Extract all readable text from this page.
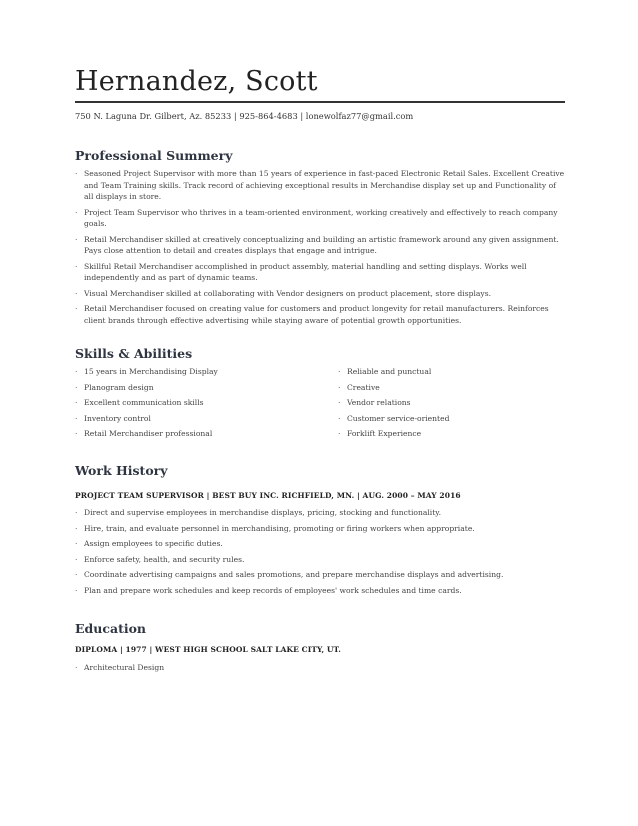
Hernandez, Scott
750 N. Laguna Dr. Gilbert, Az. 85233 | 925-864-4683 | lonewolfaz77@gmail.com
Professional Summery
· Seasoned Project Supervisor with more than 15 years of experience in fast-paced Electronic Retail Sales. Excellent Creative and Team Training skills. Track record of achieving exceptional results in Merchandise display set up and Functionality of all displays in store.
· Project Team Supervisor who thrives in a team-oriented environment, working creatively and effectively to reach company goals.
· Retail Merchandiser skilled at creatively conceptualizing and building an artistic framework around any given assignment. Pays close attention to detail and creates displays that engage and intrigue.
· Skillful Retail Merchandiser accomplished in product assembly, material handling and setting displays. Works well independently and as part of dynamic teams.
· Visual Merchandiser skilled at collaborating with Vendor designers on product placement, store displays.
· Retail Merchandiser focused on creating value for customers and product longevity for retail manufacturers. Reinforces client brands through effective advertising while staying aware of potential growth opportunities.
Skills & Abilities
· 15 years in Merchandising Display
· Planogram design
· Excellent communication skills
· Inventory control
· Retail Merchandiser professional
· Reliable and punctual
· Creative
· Vendor relations
· Customer service-oriented
· Forklift Experience
Work History
PROJECT TEAM SUPERVISOR | BEST BUY INC. RICHFIELD, MN. | AUG. 2000 – MAY 2016
· Direct and supervise employees in merchandise displays, pricing, stocking and functionality.
· Hire, train, and evaluate personnel in merchandising, promoting or firing workers when appropriate.
· Assign employees to specific duties.
· Enforce safety, health, and security rules.
· Coordinate advertising campaigns and sales promotions, and prepare merchandise displays and advertising.
· Plan and prepare work schedules and keep records of employees' work schedules and time cards.
Education
DIPLOMA | 1977 | WEST HIGH SCHOOL SALT LAKE CITY, UT.
· Architectural Design
